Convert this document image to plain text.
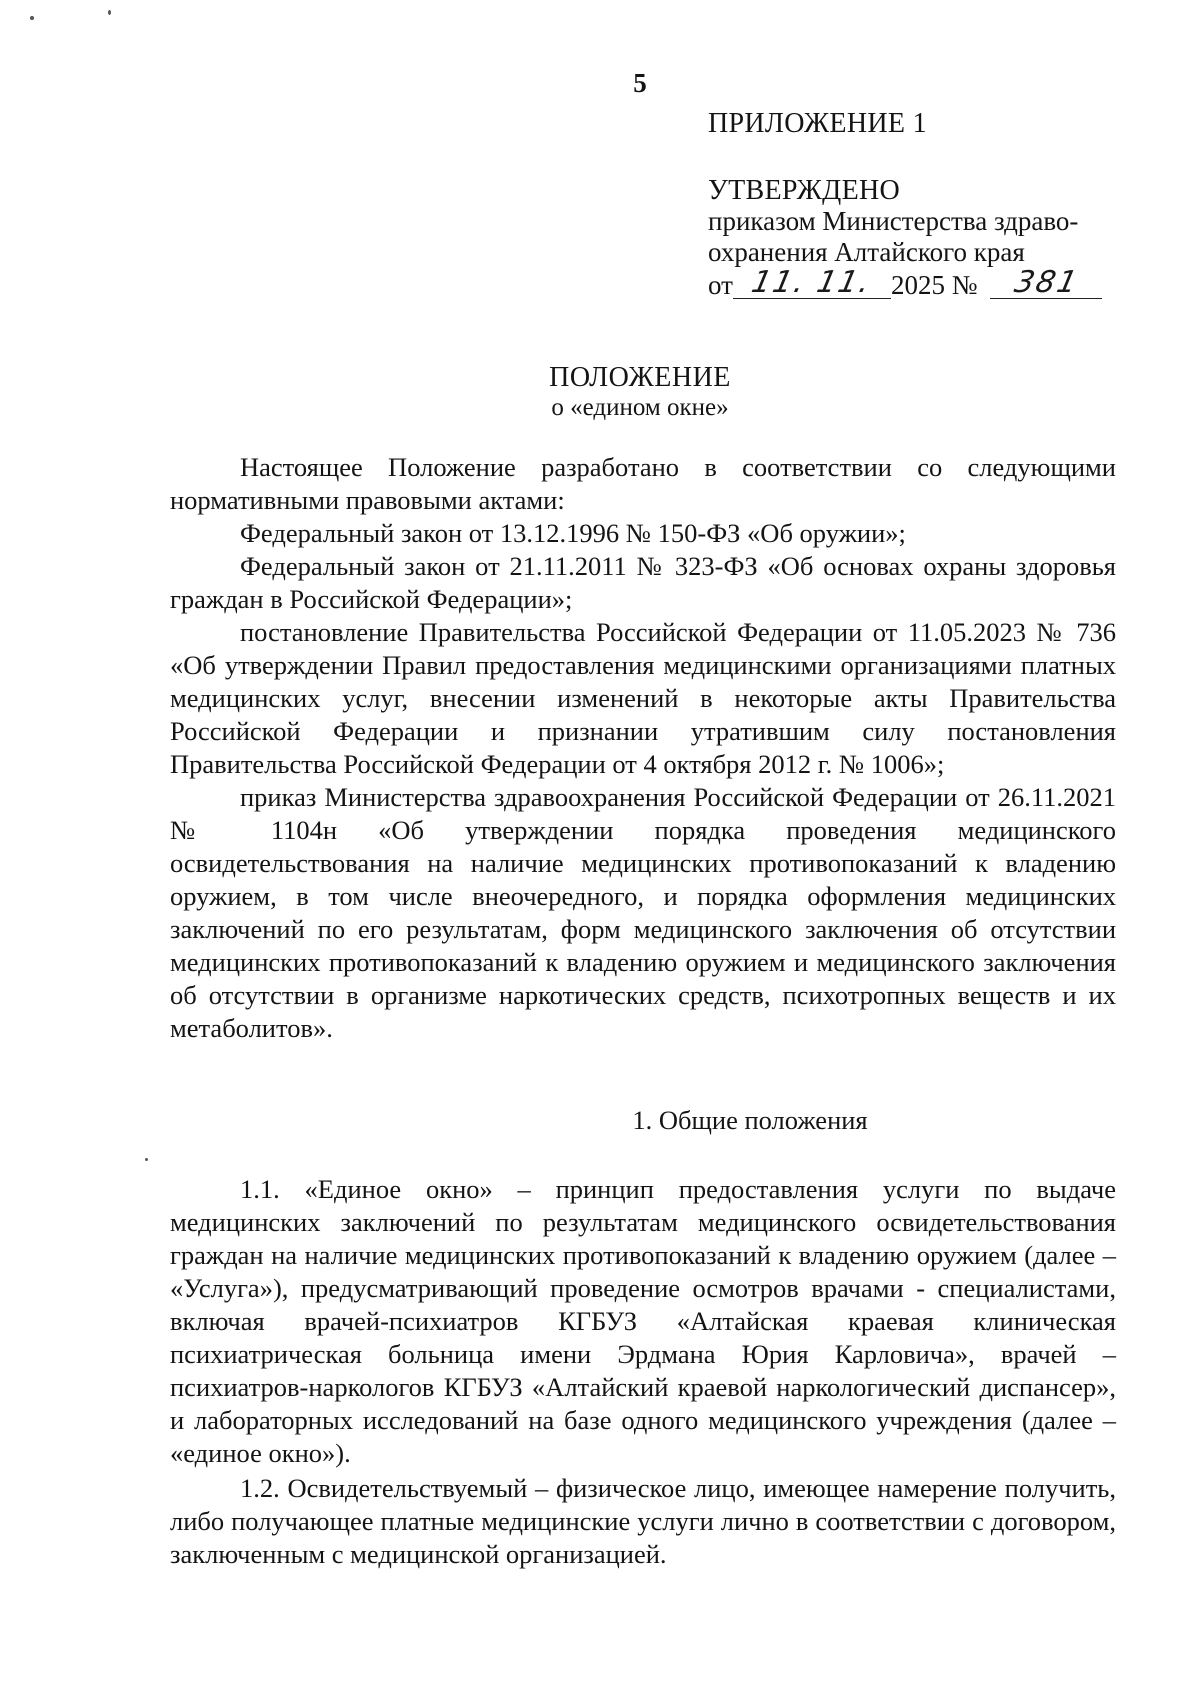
5
ПРИЛОЖЕНИЕ 1
УТВЕРЖДЕНО
приказом Министерства здраво-
охранения Алтайского края
от 11. 11. 2025 № 381
ПОЛОЖЕНИЕ
о «едином окне»

Настоящее Положение разработано в соответствии со следующими нормативными правовыми актами:

Федеральный закон от 13.12.1996 № 150-ФЗ «Об оружии»;

Федеральный закон от 21.11.2011 № 323-ФЗ «Об основах охраны здоровья граждан в Российской Федерации»;

постановление Правительства Российской Федерации от 11.05.2023 № 736 «Об утверждении Правил предоставления медицинскими организациями платных медицинских услуг, внесении изменений в некоторые акты Правительства Российской Федерации и признании утратившим силу постановления Правительства Российской Федерации от 4 октября 2012 г. № 1006»;

приказ Министерства здравоохранения Российской Федерации от 26.11.2021 № 1104н «Об утверждении порядка проведения медицинского освидетельствования на наличие медицинских противопоказаний к владению оружием, в том числе внеочередного, и порядка оформления медицинских заключений по его результатам, форм медицинского заключения об отсутствии медицинских противопоказаний к владению оружием и медицинского заключения об отсутствии в организме наркотических средств, психотропных веществ и их метаболитов».

1. Общие положения

1.1. «Единое окно» – принцип предоставления услуги по выдаче медицинских заключений по результатам медицинского освидетельствования граждан на наличие медицинских противопоказаний к владению оружием (далее – «Услуга»), предусматривающий проведение осмотров врачами - специалистами, включая врачей-психиатров КГБУЗ «Алтайская краевая клиническая психиатрическая больница имени Эрдмана Юрия Карловича», врачей – психиатров-наркологов КГБУЗ «Алтайский краевой наркологический диспансер», и лабораторных исследований на базе одного медицинского учреждения (далее – «единое окно»).

1.2. Освидетельствуемый – физическое лицо, имеющее намерение получить, либо получающее платные медицинские услуги лично в соответствии с договором, заключенным с медицинской организацией.
